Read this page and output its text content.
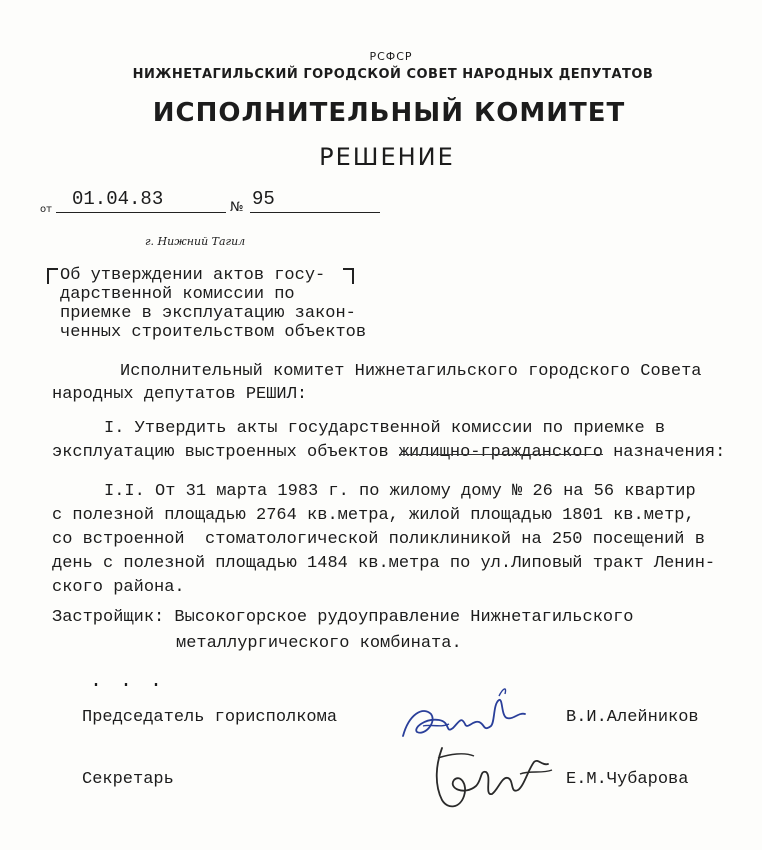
РСФСР
НИЖНЕТАГИЛЬСКИЙ ГОРОДСКОЙ СОВЕТ НАРОДНЫХ ДЕПУТАТОВ
ИСПОЛНИТЕЛЬНЫЙ КОМИТЕТ
РЕШЕНИЕ
от 01.04.83	№ 95
г. Нижний Тагил
Об утверждении актов госу-
дарственной комиссии по
приемке в эксплуатацию закон-
ченных строительством объектов
Исполнительный комитет Нижнетагильского городского Совета
народных депутатов РЕШИЛ:
I. Утвердить акты государственной комиссии по приемке в
эксплуатацию выстроенных объектов жилищно-гражданского назначения:
I.I. От 31 марта 1983 г. по жилому дому № 26 на 56 квартир
с полезной площадью 2764 кв.метра, жилой площадью 1801 кв.метр,
со встроенной  стоматологической поликлиникой на 250 посещений в
день с полезной площадью 1484 кв.метра по ул.Липовый тракт Ленин-
ского района.
Застройщик: Высокогорское рудоуправление Нижнетагильского
металлургического комбината.
...
Председатель горисполкома	В.И.Алейников
Секретарь	Е.М.Чубарова
